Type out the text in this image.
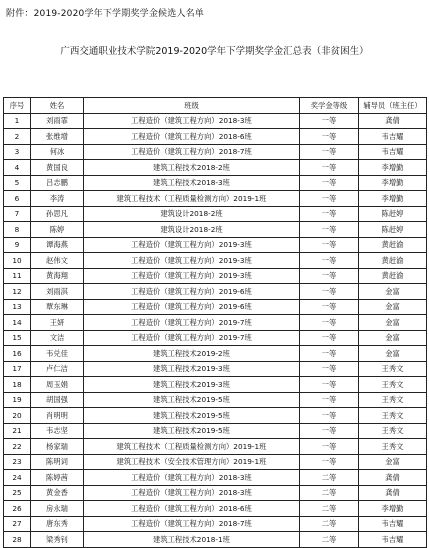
附件：2019-2020学年下学期奖学金候选人名单
广西交通职业技术学院2019-2020学年下学期奖学金汇总表（非贫困生）
序号	姓名	班级	奖学金等级	辅导员（班主任）
1	刘雨霏	工程造价（建筑工程方向）2018-3班	一等	龚倩
2	张维增	工程造价（建筑工程方向）2018-6班	一等	韦吉耀
3	何冰	工程造价（建筑工程方向）2018-7班	一等	韦吉耀
4	黄国良	建筑工程技术2018-2班	一等	李增勤
5	吕志鹏	建筑工程技术2018-3班	一等	李增勤
6	李涛	建筑工程技术（工程质量检测方向）2019-1班	一等	李增勤
7	孙思凡	建筑设计2018-2班	一等	陈赶婷
8	陈婷	建筑设计2018-2班	一等	陈赶婷
9	谭海燕	工程造价（建筑工程方向）2019-3班	一等	黄赶渝
10	赵伟文	工程造价（建筑工程方向）2019-3班	一等	黄赶渝
11	黄海翔	工程造价（建筑工程方向）2019-3班	一等	黄赶渝
12	刘雨淇	工程造价（建筑工程方向）2019-6班	一等	金富
13	覃东琳	工程造价（建筑工程方向）2019-6班	一等	金富
14	王妍	工程造价（建筑工程方向）2019-7班	一等	金富
15	文洁	工程造价（建筑工程方向）2019-7班	一等	金富
16	韦兑佳	建筑工程技术2019-2班	一等	金富
17	卢仁洁	建筑工程技术2019-3班	一等	王秀文
18	周玉娟	建筑工程技术2019-3班	一等	王秀文
19	胡国强	建筑工程技术2019-5班	一等	王秀文
20	肖明明	建筑工程技术2019-5班	一等	王秀文
21	韦志坚	建筑工程技术2019-5班	一等	王秀文
22	杨家瑞	建筑工程技术（工程质量检测方向）2019-1班	一等	王秀文
23	陈明词	建筑工程技术（安全技术管理方向）2019-1班	一等	金富
24	陈婷茜	工程造价（建筑工程方向）2018-3班	二等	龚倩
25	黄金香	工程造价（建筑工程方向）2018-3班	二等	龚倩
26	房永瑞	工程造价（建筑工程方向）2018-6班	二等	李增勤
27	唐东秀	工程造价（建筑工程方向）2018-7班	二等	韦吉耀
28	梁秀钊	建筑工程技术2018-1班	二等	韦吉耀
